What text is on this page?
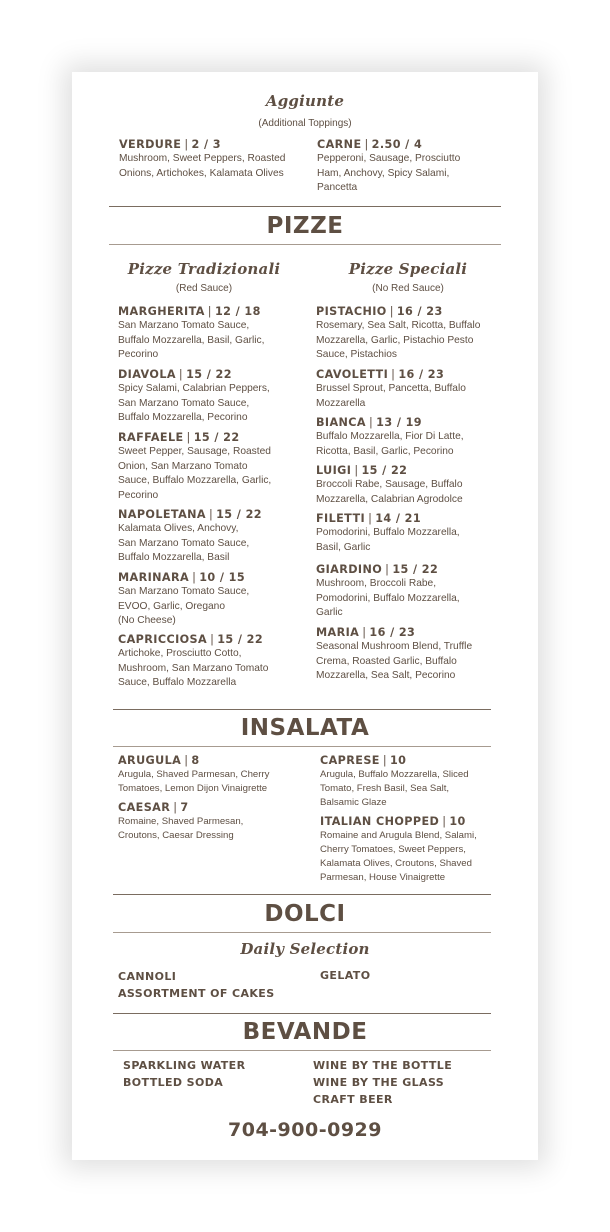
Aggiunte
(Additional Toppings)
VERDURE | 2 / 3
Mushroom, Sweet Peppers, Roasted
Onions, Artichokes, Kalamata Olives
CARNE | 2.50 / 4
Pepperoni, Sausage, Prosciutto
Ham, Anchovy, Spicy Salami,
Pancetta
PIZZE
Pizze Tradizionali
(Red Sauce)
Pizze Speciali
(No Red Sauce)
MARGHERITA | 12 / 18
San Marzano Tomato Sauce,
Buffalo Mozzarella, Basil, Garlic,
Pecorino
DIAVOLA | 15 / 22
Spicy Salami, Calabrian Peppers,
San Marzano Tomato Sauce,
Buffalo Mozzarella, Pecorino
RAFFAELE | 15 / 22
Sweet Pepper, Sausage, Roasted
Onion, San Marzano Tomato
Sauce, Buffalo Mozzarella, Garlic,
Pecorino
NAPOLETANA | 15 / 22
Kalamata Olives, Anchovy,
San Marzano Tomato Sauce,
Buffalo Mozzarella, Basil
MARINARA | 10 / 15
San Marzano Tomato Sauce,
EVOO, Garlic, Oregano
(No Cheese)
CAPRICCIOSA | 15 / 22
Artichoke, Prosciutto Cotto,
Mushroom, San Marzano Tomato
Sauce, Buffalo Mozzarella
PISTACHIO | 16 / 23
Rosemary, Sea Salt, Ricotta, Buffalo
Mozzarella, Garlic, Pistachio Pesto
Sauce, Pistachios
CAVOLETTI | 16 / 23
Brussel Sprout, Pancetta, Buffalo
Mozzarella
BIANCA | 13 / 19
Buffalo Mozzarella, Fior Di Latte,
Ricotta, Basil, Garlic, Pecorino
LUIGI | 15 / 22
Broccoli Rabe, Sausage, Buffalo
Mozzarella, Calabrian Agrodolce
FILETTI | 14 / 21
Pomodorini, Buffalo Mozzarella,
Basil, Garlic
GIARDINO | 15 / 22
Mushroom, Broccoli Rabe,
Pomodorini, Buffalo Mozzarella,
Garlic
MARIA | 16 / 23
Seasonal Mushroom Blend, Truffle
Crema, Roasted Garlic, Buffalo
Mozzarella, Sea Salt, Pecorino
INSALATA
ARUGULA | 8
Arugula, Shaved Parmesan, Cherry
Tomatoes, Lemon Dijon Vinaigrette
CAESAR | 7
Romaine, Shaved Parmesan,
Croutons, Caesar Dressing
CAPRESE | 10
Arugula, Buffalo Mozzarella, Sliced
Tomato, Fresh Basil, Sea Salt,
Balsamic Glaze
ITALIAN CHOPPED | 10
Romaine and Arugula Blend, Salami,
Cherry Tomatoes, Sweet Peppers,
Kalamata Olives, Croutons, Shaved
Parmesan, House Vinaigrette
DOLCI
Daily Selection
CANNOLI
ASSORTMENT OF CAKES
GELATO
BEVANDE
SPARKLING WATER
BOTTLED SODA
WINE BY THE BOTTLE
WINE BY THE GLASS
CRAFT BEER
704-900-0929
